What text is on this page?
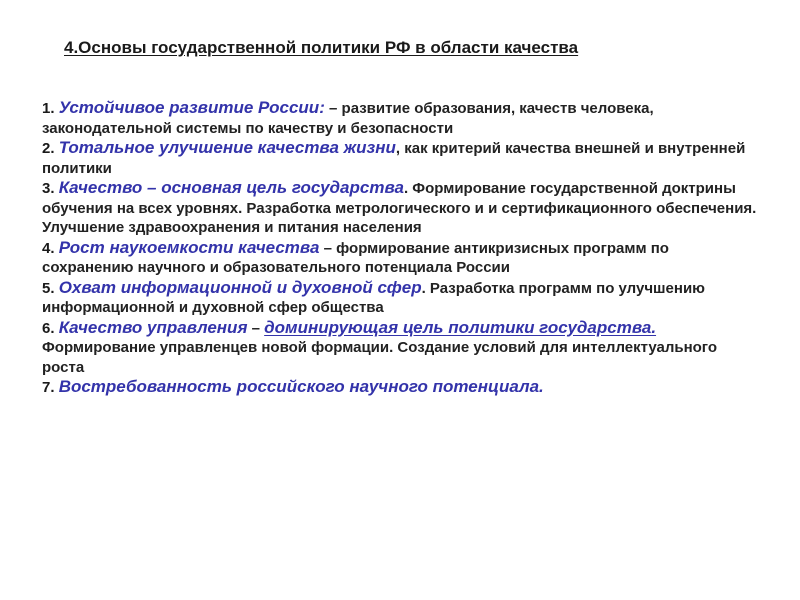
4.Основы государственной политики РФ в области качества
1. Устойчивое развитие России: – развитие образования, качеств человека, законодательной системы по качеству и безопасности
2. Тотальное улучшение качества жизни, как критерий качества внешней и внутренней политики
3. Качество – основная цель государства. Формирование государственной доктрины обучения на всех уровнях. Разработка метрологического и и сертификационного обеспечения. Улучшение здравоохранения и питания населения
4. Рост наукоемкости качества – формирование антикризисных программ по сохранению научного и образовательного потенциала России
5. Охват информационной и духовной сфер. Разработка программ по улучшению информационной и духовной сфер общества
6. Качество управления – доминирующая цель политики государства. Формирование управленцев новой формации. Создание условий для интеллектуального роста
7. Востребованность российского научного потенциала.
